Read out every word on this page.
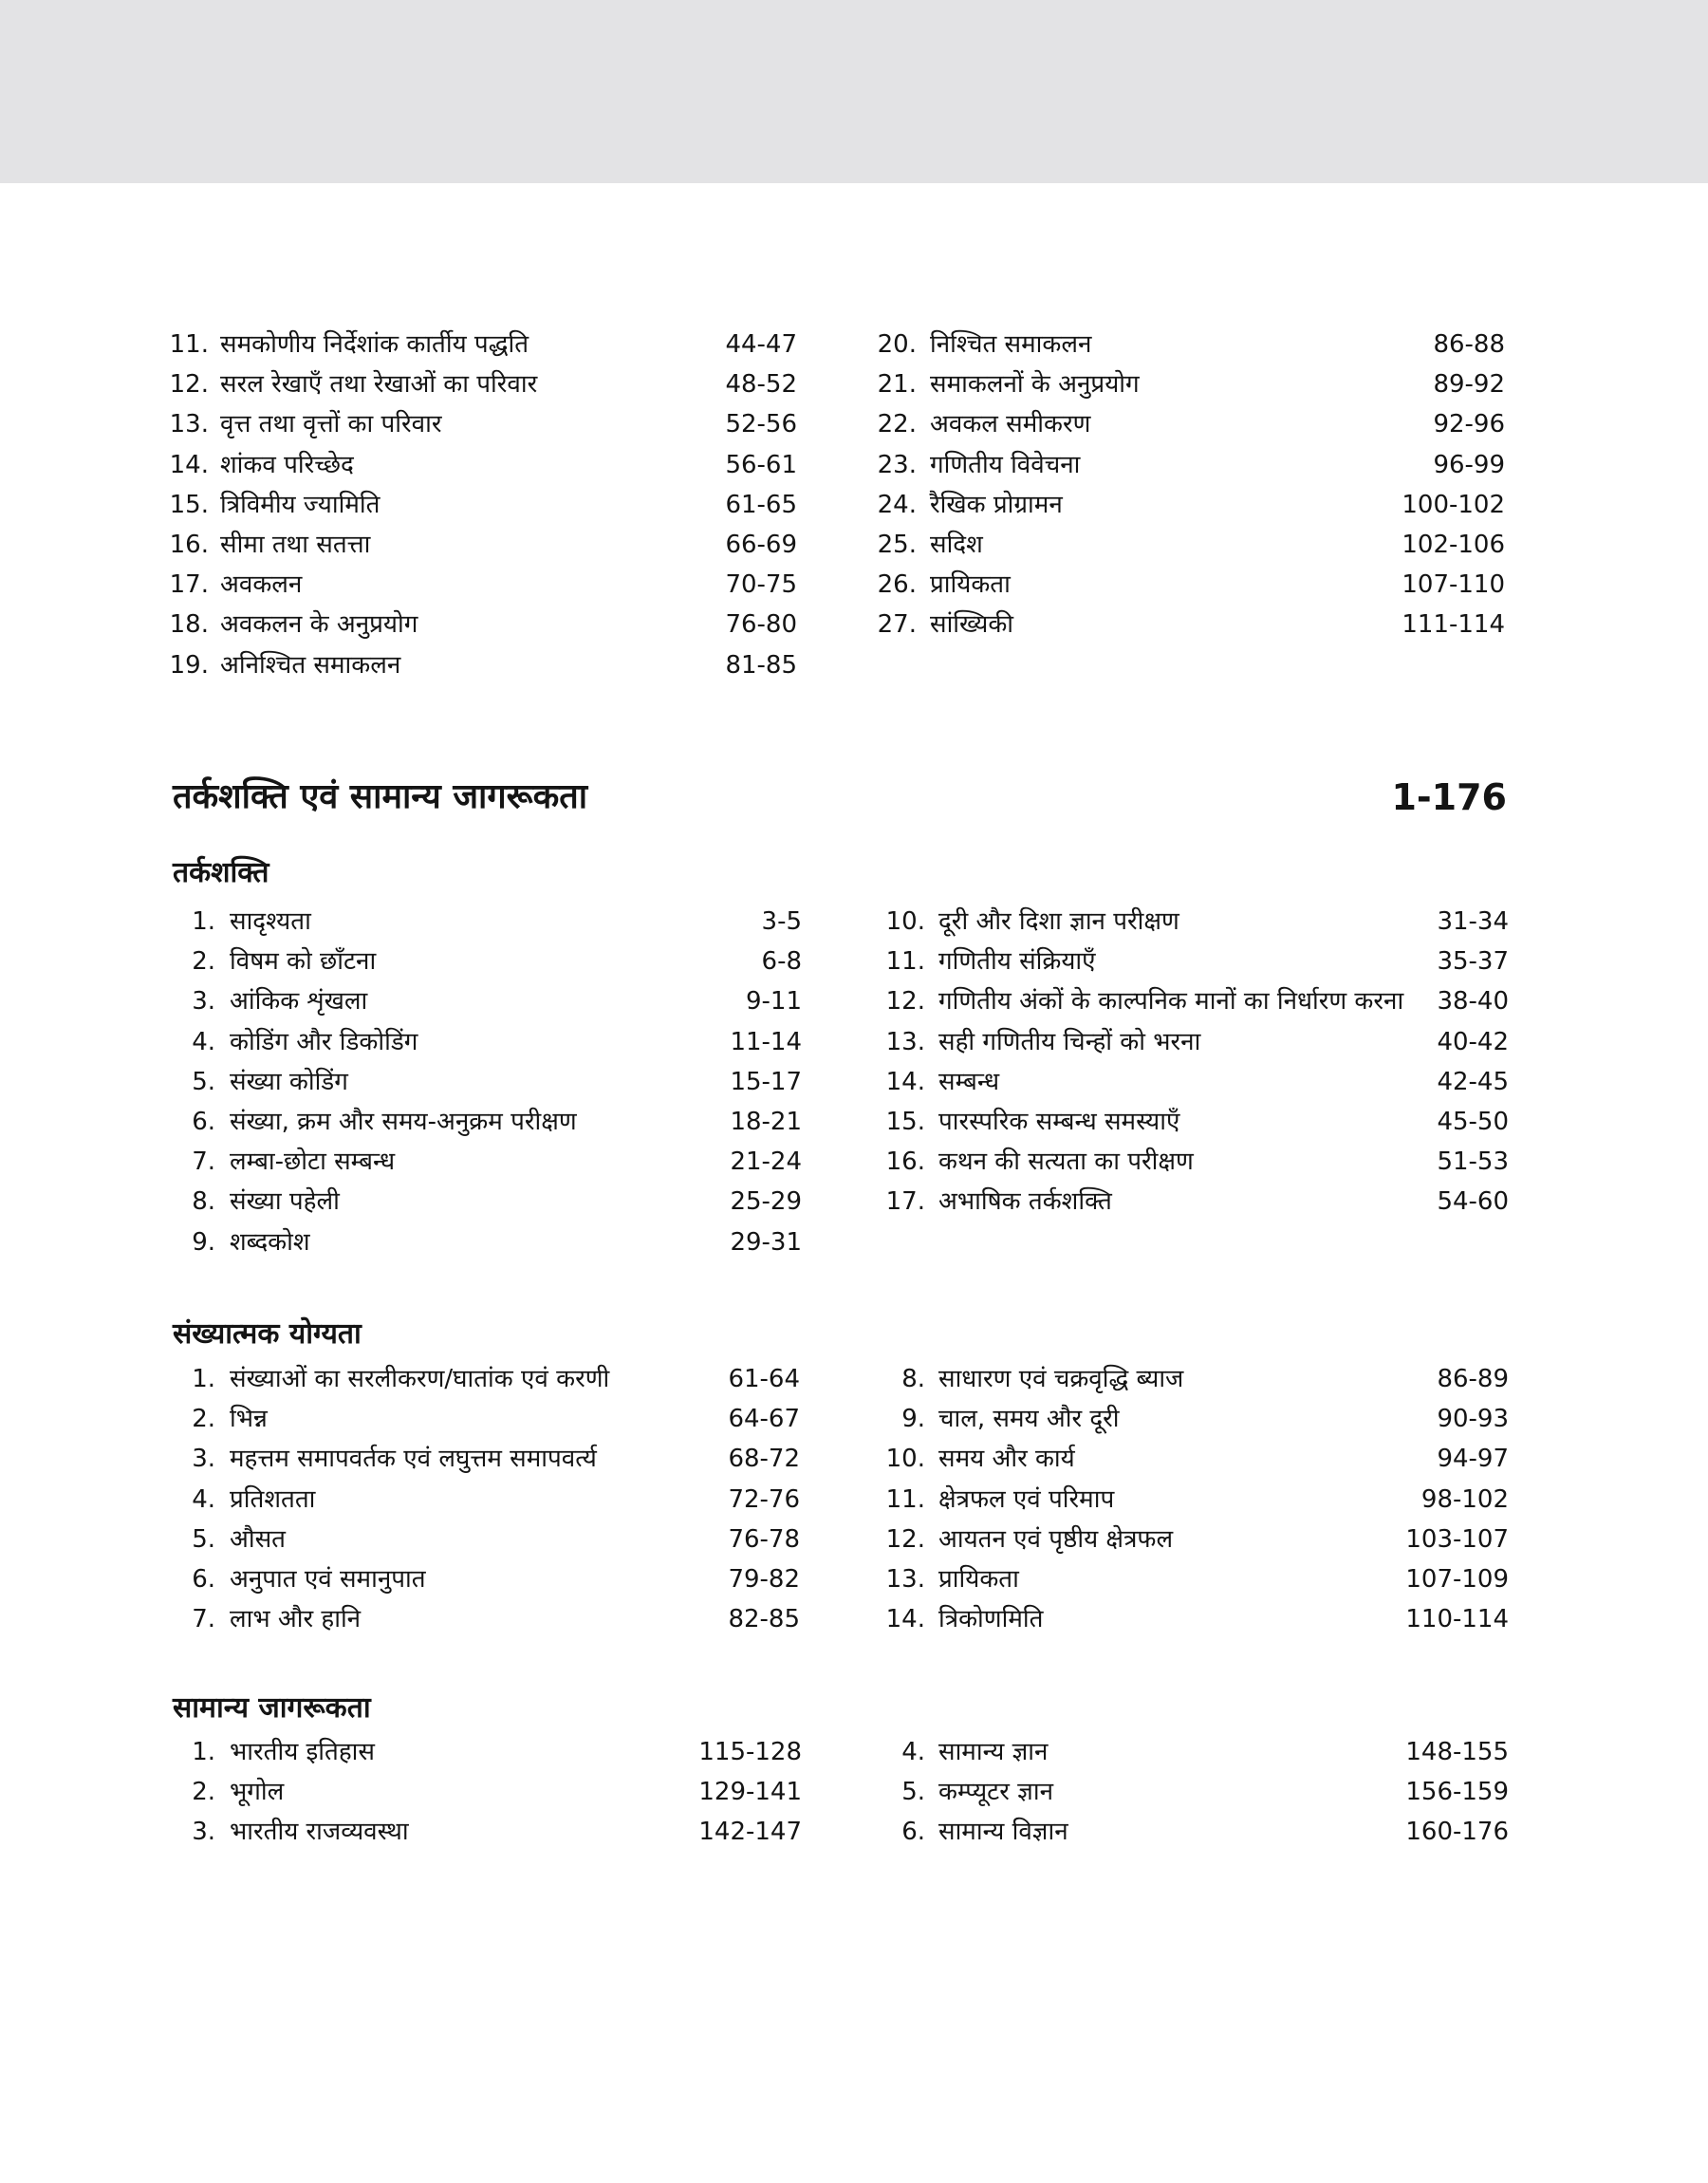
11. समकोणीय निर्देशांक कार्तीय पद्धति	44-47
12. सरल रेखाएँ तथा रेखाओं का परिवार	48-52
13. वृत्त तथा वृत्तों का परिवार	52-56
14. शांकव परिच्छेद	56-61
15. त्रिविमीय ज्यामिति	61-65
16. सीमा तथा सतत्ता	66-69
17. अवकलन	70-75
18. अवकलन के अनुप्रयोग	76-80
19. अनिश्चित समाकलन	81-85
20. निश्चित समाकलन	86-88
21. समाकलनों के अनुप्रयोग	89-92
22. अवकल समीकरण	92-96
23. गणितीय विवेचना	96-99
24. रैखिक प्रोग्रामन	100-102
25. सदिश	102-106
26. प्रायिकता	107-110
27. सांख्यिकी	111-114
तर्कशक्ति एवं सामान्य जागरूकता	1-176
तर्कशक्ति
1. सादृश्यता	3-5
2. विषम को छाँटना	6-8
3. आंकिक शृंखला	9-11
4. कोडिंग और डिकोडिंग	11-14
5. संख्या कोडिंग	15-17
6. संख्या, क्रम और समय-अनुक्रम परीक्षण	18-21
7. लम्बा-छोटा सम्बन्ध	21-24
8. संख्या पहेली	25-29
9. शब्दकोश	29-31
10. दूरी और दिशा ज्ञान परीक्षण	31-34
11. गणितीय संक्रियाएँ	35-37
12. गणितीय अंकों के काल्पनिक मानों का निर्धारण करना 38-40
13. सही गणितीय चिन्हों को भरना	40-42
14. सम्बन्ध	42-45
15. पारस्परिक सम्बन्ध समस्याएँ	45-50
16. कथन की सत्यता का परीक्षण	51-53
17. अभाषिक तर्कशक्ति	54-60
संख्यात्मक योग्यता
1. संख्याओं का सरलीकरण/घातांक एवं करणी	61-64
2. भिन्न	64-67
3. महत्तम समापवर्तक एवं लघुत्तम समापवर्त्य	68-72
4. प्रतिशतता	72-76
5. औसत	76-78
6. अनुपात एवं समानुपात	79-82
7. लाभ और हानि	82-85
8. साधारण एवं चक्रवृद्धि ब्याज	86-89
9. चाल, समय और दूरी	90-93
10. समय और कार्य	94-97
11. क्षेत्रफल एवं परिमाप	98-102
12. आयतन एवं पृष्ठीय क्षेत्रफल	103-107
13. प्रायिकता	107-109
14. त्रिकोणमिति	110-114
सामान्य जागरूकता
1. भारतीय इतिहास	115-128
2. भूगोल	129-141
3. भारतीय राजव्यवस्था	142-147
4. सामान्य ज्ञान	148-155
5. कम्प्यूटर ज्ञान	156-159
6. सामान्य विज्ञान	160-176
